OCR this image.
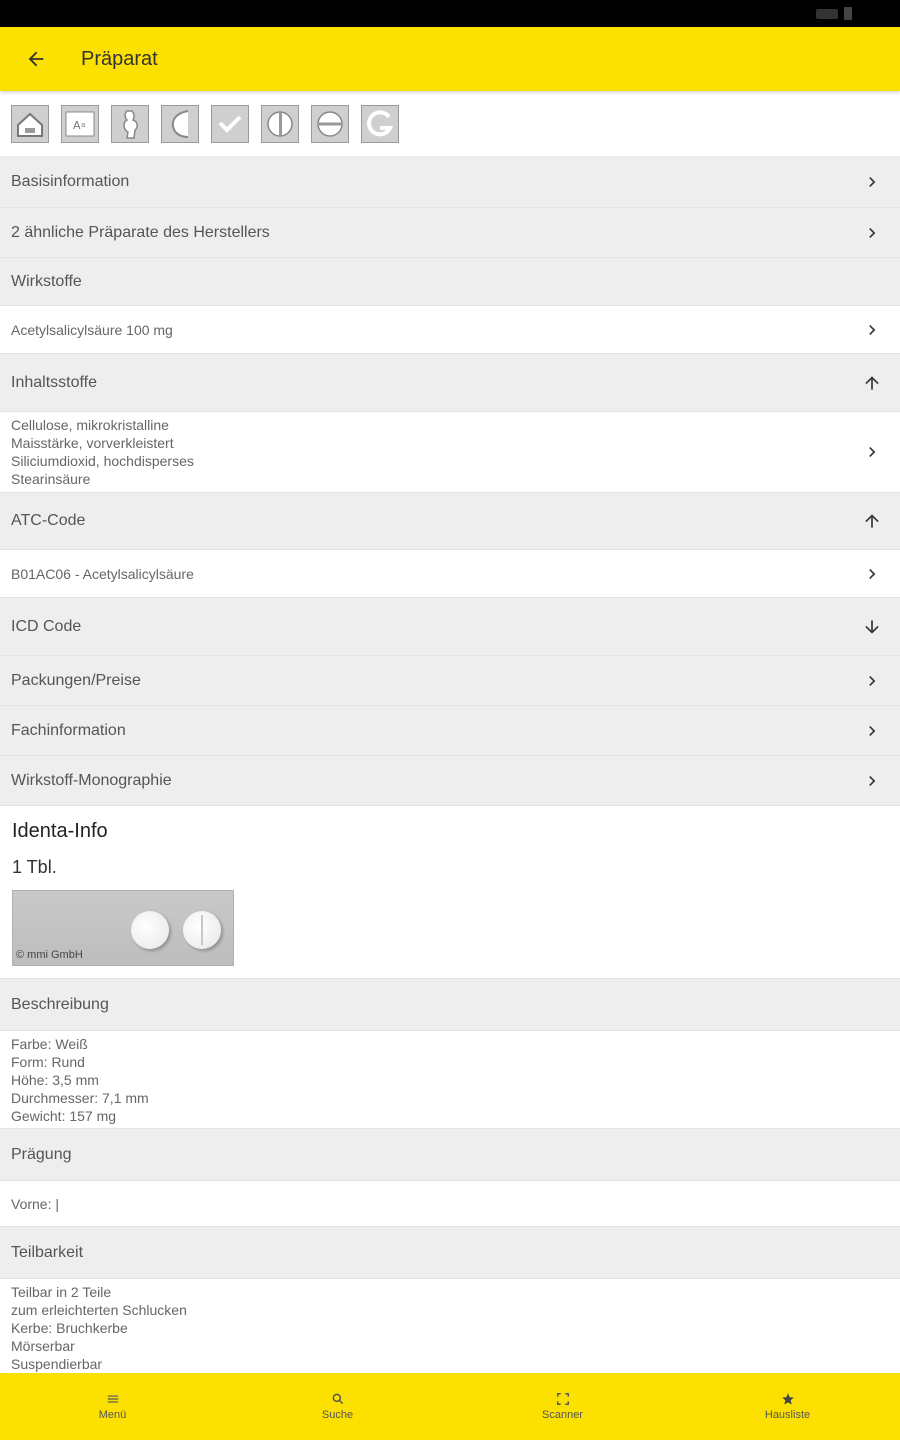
Präparat
A a
Basisinformation
2 ähnliche Präparate des Herstellers
Wirkstoffe
Acetylsalicylsäure 100 mg
Inhaltsstoffe
Cellulose, mikrokristalline
Maisstärke, vorverkleistert
Siliciumdioxid, hochdisperses
Stearinsäure
ATC-Code
B01AC06 - Acetylsalicylsäure
ICD Code
Packungen/Preise
Fachinformation
Wirkstoff-Monographie
Identa-Info
1 Tbl.
© mmi GmbH
Beschreibung
Farbe: Weiß
Form: Rund
Höhe: 3,5 mm
Durchmesser: 7,1 mm
Gewicht: 157 mg
Prägung
Vorne: |
Teilbarkeit
Teilbar in 2 Teile
zum erleichterten Schlucken
Kerbe: Bruchkerbe
Mörserbar
Suspendierbar
Menü	Suche	Scanner	Hausliste
